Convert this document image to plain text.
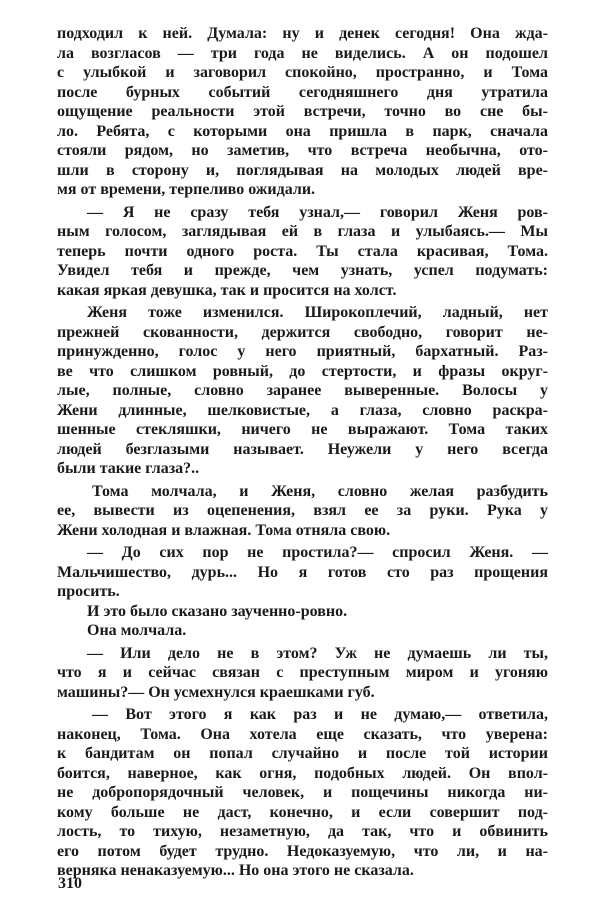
подходил к ней. Думала: ну и денек сегодня! Она жда-
ла возгласов — три года не виделись. А он подошел
с улыбкой и заговорил спокойно, пространно, и Тома
после бурных событий сегодняшнего дня утратила
ощущение реальности этой встречи, точно во сне бы-
ло. Ребята, с которыми она пришла в парк, сначала
стояли рядом, но заметив, что встреча необычна, ото-
шли в сторону и, поглядывая на молодых людей вре-
мя от времени, терпеливо ожидали.
— Я не сразу тебя узнал,— говорил Женя ров-
ным голосом, заглядывая ей в глаза и улыбаясь.— Мы
теперь почти одного роста. Ты стала красивая, Тома.
Увидел тебя и прежде, чем узнать, успел подумать:
какая яркая девушка, так и просится на холст.
Женя тоже изменился. Широкоплечий, ладный, нет
прежней скованности, держится свободно, говорит не-
принужденно, голос у него приятный, бархатный. Раз-
ве что слишком ровный, до стертости, и фразы округ-
лые, полные, словно заранее выверенные. Волосы у
Жени длинные, шелковистые, а глаза, словно раскра-
шенные стекляшки, ничего не выражают. Тома таких
людей безглазыми называет. Неужели у него всегда
были такие глаза?..
Тома молчала, и Женя, словно желая разбудить
ее, вывести из оцепенения, взял ее за руки. Рука у
Жени холодная и влажная. Тома отняла свою.
— До сих пор не простила?— спросил Женя. —
Мальчишество, дурь... Но я готов сто раз прощения
просить.
И это было сказано заученно-ровно.
Она молчала.
— Или дело не в этом? Уж не думаешь ли ты,
что я и сейчас связан с преступным миром и угоняю
машины?— Он усмехнулся краешками губ.
— Вот этого я как раз и не думаю,— ответила,
наконец, Тома. Она хотела еще сказать, что уверена:
к бандитам он попал случайно и после той истории
боится, наверное, как огня, подобных людей. Он впол-
не добропорядочный человек, и пощечины никогда ни-
кому больше не даст, конечно, и если совершит под-
лость, то тихую, незаметную, да так, что и обвинить
его потом будет трудно. Недоказуемую, что ли, и на-
верняка ненаказуемую... Но она этого не сказала.
310
